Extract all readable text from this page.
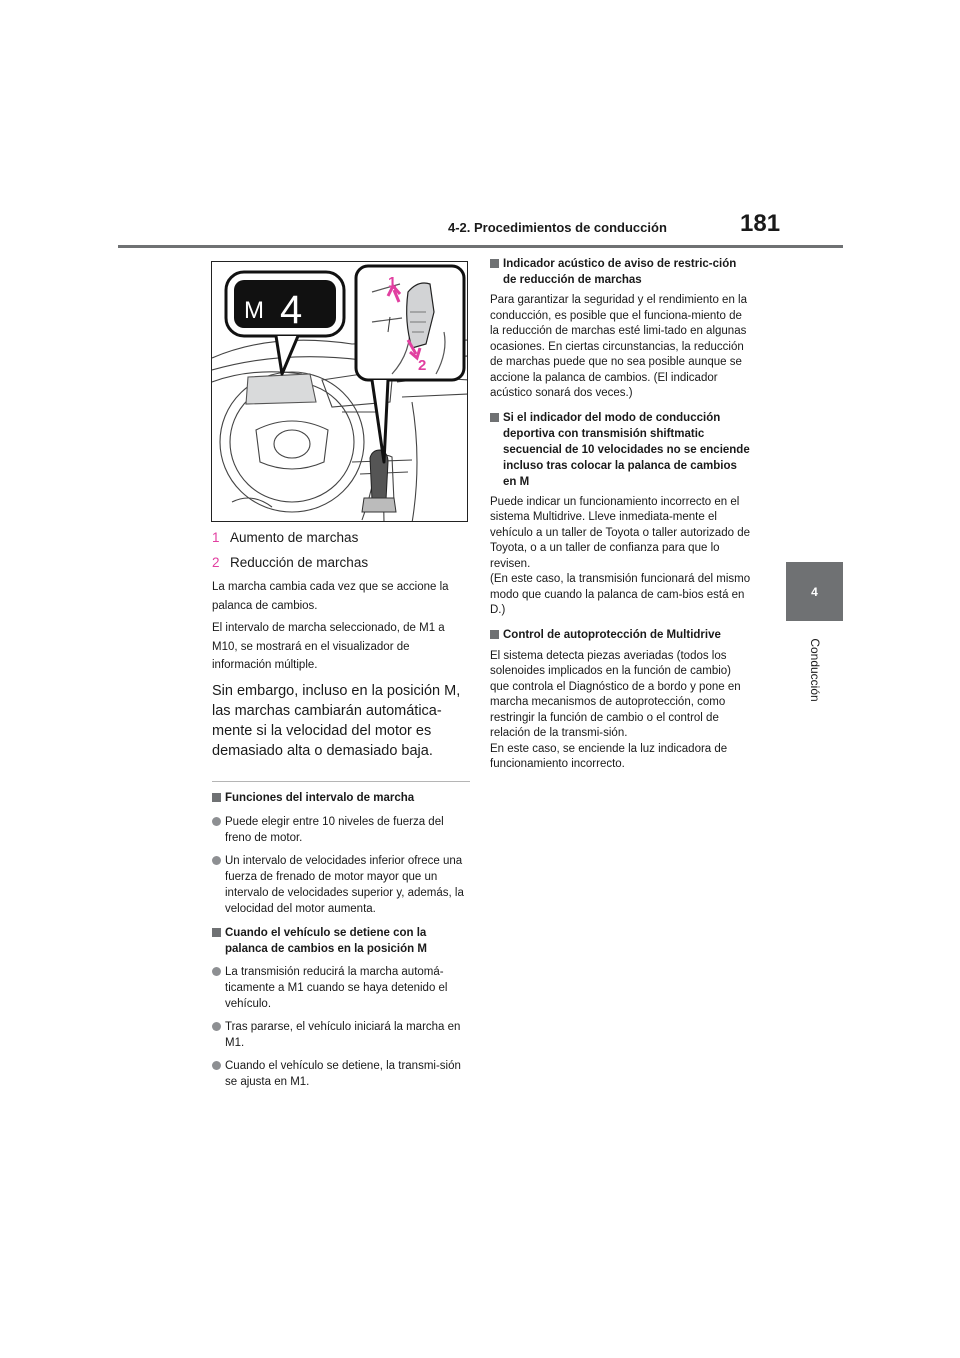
4-2. Procedimientos de conducción	181
4
Conducción
1
2
M 4
1 Aumento de marchas
2 Reducción de marchas

La marcha cambia cada vez que se accione la palanca de cambios.

El intervalo de marcha seleccionado, de M1 a M10, se mostrará en el visualizador de información múltiple.

Sin embargo, incluso en la posición M, las marchas cambiarán automática-mente si la velocidad del motor es demasiado alta o demasiado baja.

Funciones del intervalo de marcha
Puede elegir entre 10 niveles de fuerza del freno de motor.
Un intervalo de velocidades inferior ofrece una fuerza de frenado de motor mayor que un intervalo de velocidades superior y, además, la velocidad del motor aumenta.
Cuando el vehículo se detiene con la palanca de cambios en la posición M
La transmisión reducirá la marcha automá-ticamente a M1 cuando se haya detenido el vehículo.
Tras pararse, el vehículo iniciará la marcha en M1.
Cuando el vehículo se detiene, la transmi-sión se ajusta en M1.
Indicador acústico de aviso de restric-ción de reducción de marchas

Para garantizar la seguridad y el rendimiento en la conducción, es posible que el funciona-miento de la reducción de marchas esté limi-tado en algunas ocasiones. En ciertas circunstancias, la reducción de marchas puede que no sea posible aunque se accione la palanca de cambios. (El indicador acústico sonará dos veces.)

Si el indicador del modo de conducción deportiva con transmisión shiftmatic secuencial de 10 velocidades no se enciende incluso tras colocar la palanca de cambios en M

Puede indicar un funcionamiento incorrecto en el sistema Multidrive. Lleve inmediata-mente el vehículo a un taller de Toyota o taller autorizado de Toyota, o a un taller de confianza para que lo revisen.
(En este caso, la transmisión funcionará del mismo modo que cuando la palanca de cam-bios está en D.)

Control de autoprotección de Multidrive

El sistema detecta piezas averiadas (todos los solenoides implicados en la función de cambio) que controla el Diagnóstico de a bordo y pone en marcha mecanismos de autoprotección, como restringir la función de cambio o el control de relación de la transmi-sión.
En este caso, se enciende la luz indicadora de funcionamiento incorrecto.
